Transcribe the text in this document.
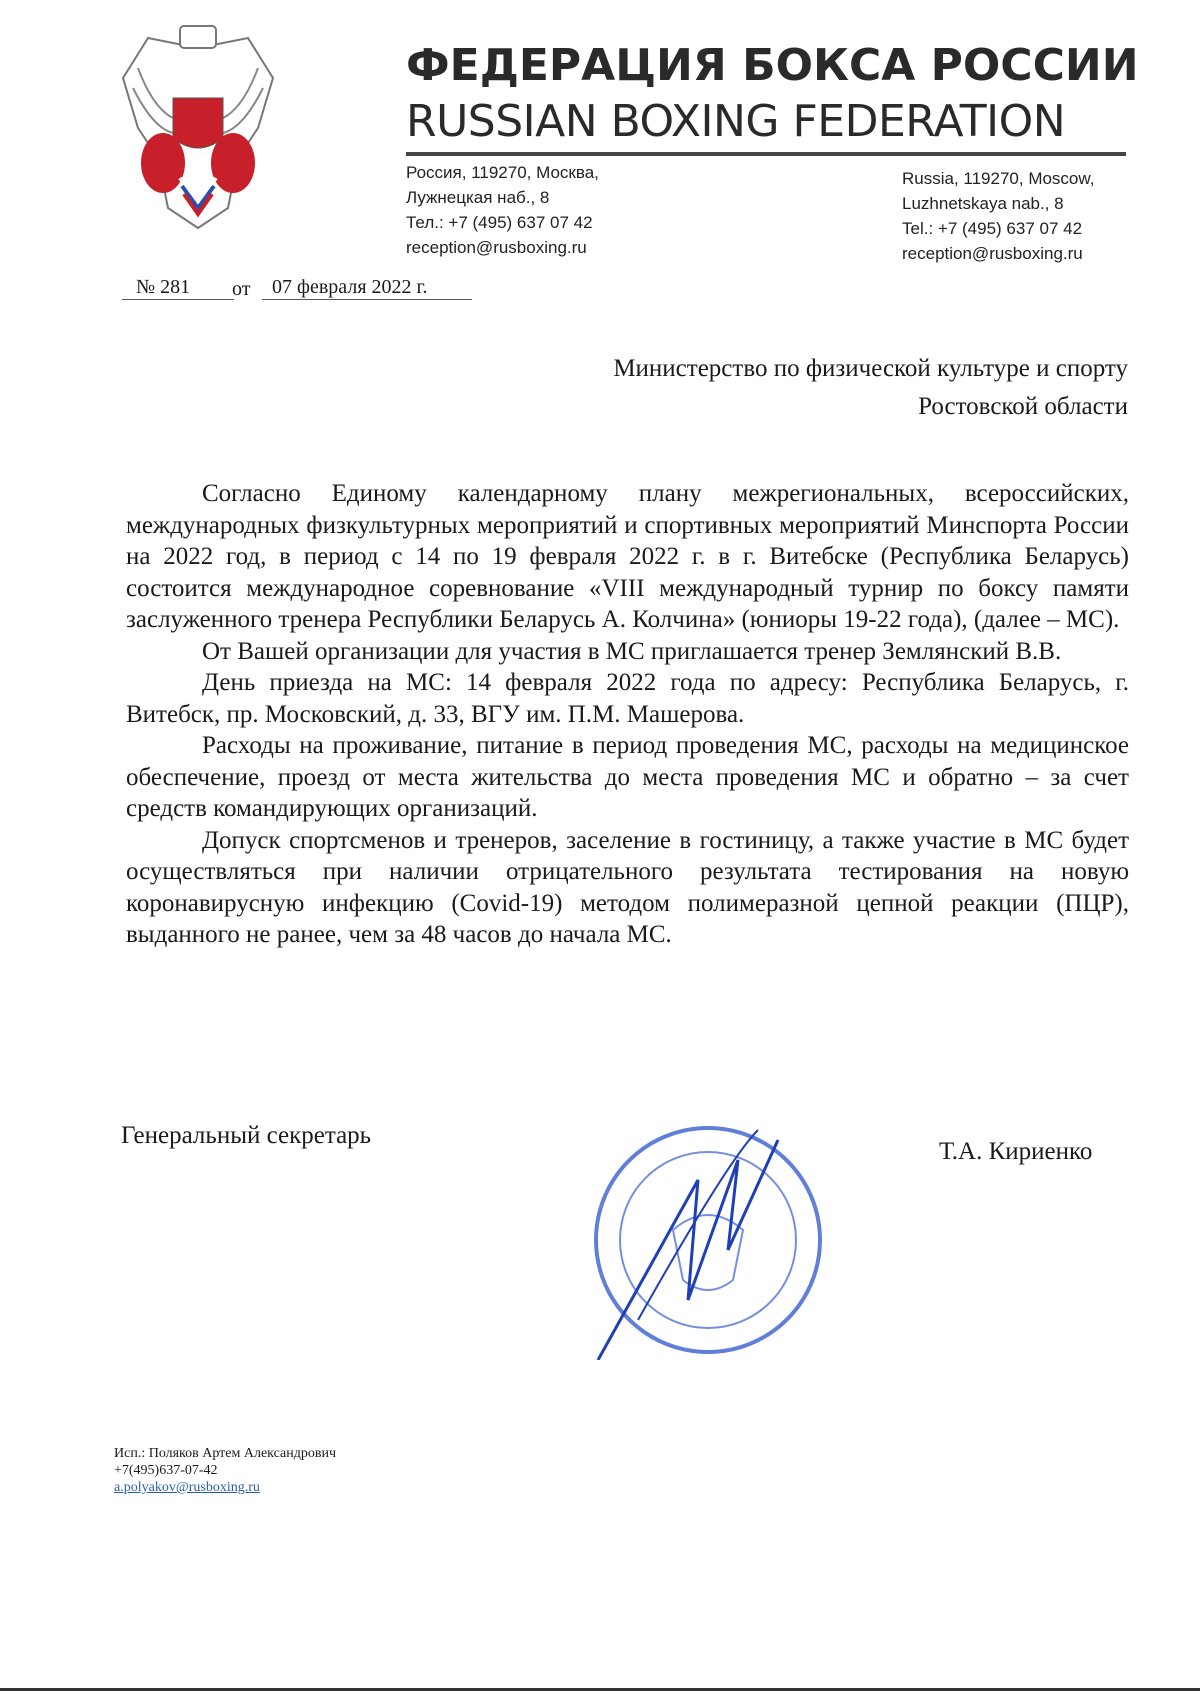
ФЕДЕРАЦИЯ БОКСА РОССИИ
RUSSIAN BOXING FEDERATION
Россия, 119270, Москва,
Лужнецкая наб., 8
Тел.: +7 (495) 637 07 42
reception@rusboxing.ru
Russia, 119270, Moscow,
Luzhnetskaya nab., 8
Tel.: +7 (495) 637 07 42
reception@rusboxing.ru
№ 281	от	07 февраля 2022 г.
Министерство по физической культуре и спорту
Ростовской области

Согласно Единому календарному плану межрегиональных, всероссийских, международных физкультурных мероприятий и спортивных мероприятий Минспорта России на 2022 год, в период с 14 по 19 февраля 2022 г. в г. Витебске (Республика Беларусь) состоится международное соревнование «VIII международный турнир по боксу памяти заслуженного тренера Республики Беларусь А. Колчина» (юниоры 19-22 года), (далее – МС).

От Вашей организации для участия в МС приглашается тренер Землянский В.В.

День приезда на МС: 14 февраля 2022 года по адресу: Республика Беларусь, г. Витебск, пр. Московский, д. 33, ВГУ им. П.М. Машерова.

Расходы на проживание, питание в период проведения МС, расходы на медицинское обеспечение, проезд от места жительства до места проведения МС и обратно – за счет средств командирующих организаций.

Допуск спортсменов и тренеров, заселение в гостиницу, а также участие в МС будет осуществляться при наличии отрицательного результата тестирования на новую коронавирусную инфекцию (Covid-19) методом полимеразной цепной реакции (ПЦР), выданного не ранее, чем за 48 часов до начала МС.

Генеральный секретарь
Т.А. Кириенко
Исп.: Поляков Артем Александрович
+7(495)637-07-42
a.polyakov@rusboxing.ru
